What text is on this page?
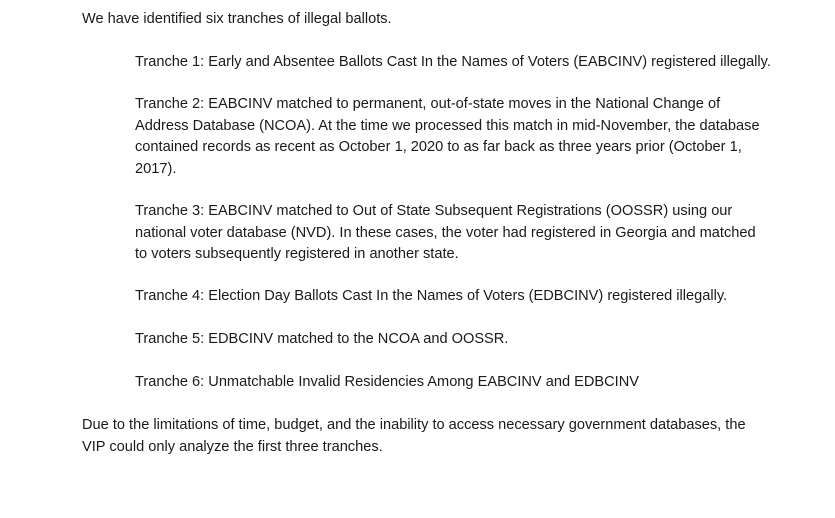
We have identified six tranches of illegal ballots.

Tranche 1: Early and Absentee Ballots Cast In the Names of Voters (EABCINV) registered illegally.

Tranche 2: EABCINV matched to permanent, out-of-state moves in the National Change of
Address Database (NCOA). At the time we processed this match in mid-November, the database
contained records as recent as October 1, 2020 to as far back as three years prior (October 1,
2017).

Tranche 3: EABCINV matched to Out of State Subsequent Registrations (OOSSR) using our
national voter database (NVD). In these cases, the voter had registered in Georgia and matched
to voters subsequently registered in another state.

Tranche 4: Election Day Ballots Cast In the Names of Voters (EDBCINV) registered illegally.

Tranche 5: EDBCINV matched to the NCOA and OOSSR.

Tranche 6: Unmatchable Invalid Residencies Among EABCINV and EDBCINV

Due to the limitations of time, budget, and the inability to access necessary government databases, the
VIP could only analyze the first three tranches.
